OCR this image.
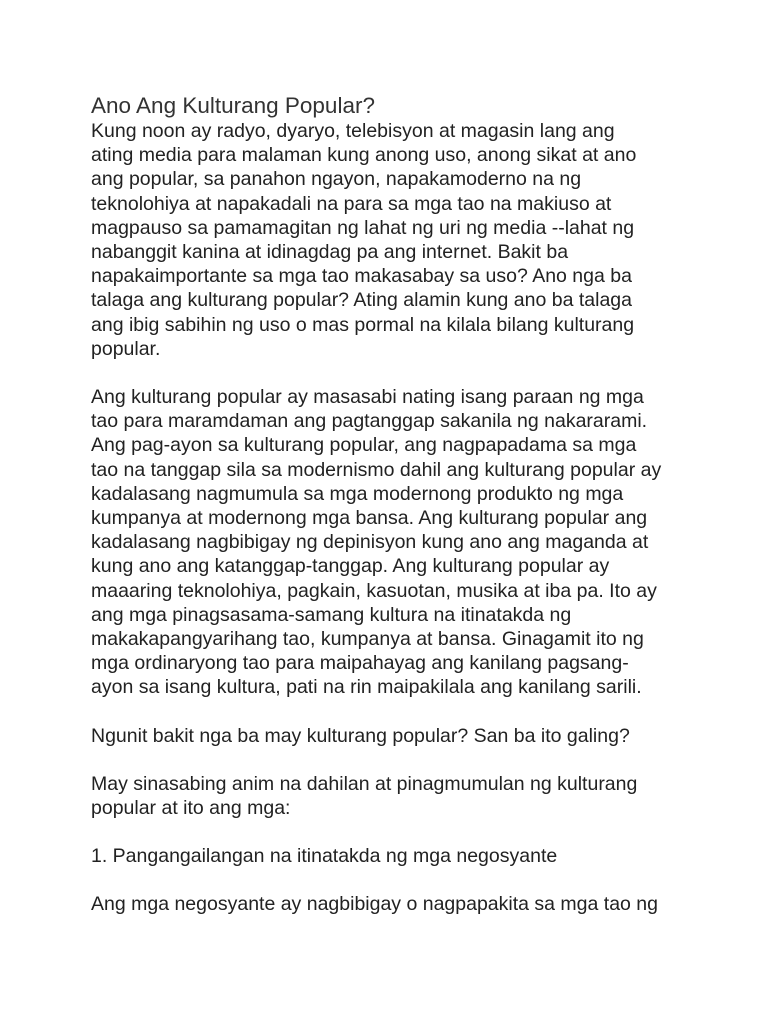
Ano Ang Kulturang Popular?
Kung noon ay radyo, dyaryo, telebisyon at magasin lang ang
ating media para malaman kung anong uso, anong sikat at ano
ang popular, sa panahon ngayon, napakamoderno na ng
teknolohiya at napakadali na para sa mga tao na makiuso at
magpauso sa pamamagitan ng lahat ng uri ng media --lahat ng
nabanggit kanina at idinagdag pa ang internet. Bakit ba
napakaimportante sa mga tao makasabay sa uso? Ano nga ba
talaga ang kulturang popular? Ating alamin kung ano ba talaga
ang ibig sabihin ng uso o mas pormal na kilala bilang kulturang
popular.
Ang kulturang popular ay masasabi nating isang paraan ng mga
tao para maramdaman ang pagtanggap sakanila ng nakararami.
Ang pag-ayon sa kulturang popular, ang nagpapadama sa mga
tao na tanggap sila sa modernismo dahil ang kulturang popular ay
kadalasang nagmumula sa mga modernong produkto ng mga
kumpanya at modernong mga bansa. Ang kulturang popular ang
kadalasang nagbibigay ng depinisyon kung ano ang maganda at
kung ano ang katanggap-tanggap. Ang kulturang popular ay
maaaring teknolohiya, pagkain, kasuotan, musika at iba pa. Ito ay
ang mga pinagsasama-samang kultura na itinatakda ng
makakapangyarihang tao, kumpanya at bansa. Ginagamit ito ng
mga ordinaryong tao para maipahayag ang kanilang pagsang-
ayon sa isang kultura, pati na rin maipakilala ang kanilang sarili.
Ngunit bakit nga ba may kulturang popular? San ba ito galing?
May sinasabing anim na dahilan at pinagmumulan ng kulturang
popular at ito ang mga:
1. Pangangailangan na itinatakda ng mga negosyante
Ang mga negosyante ay nagbibigay o nagpapakita sa mga tao ng
